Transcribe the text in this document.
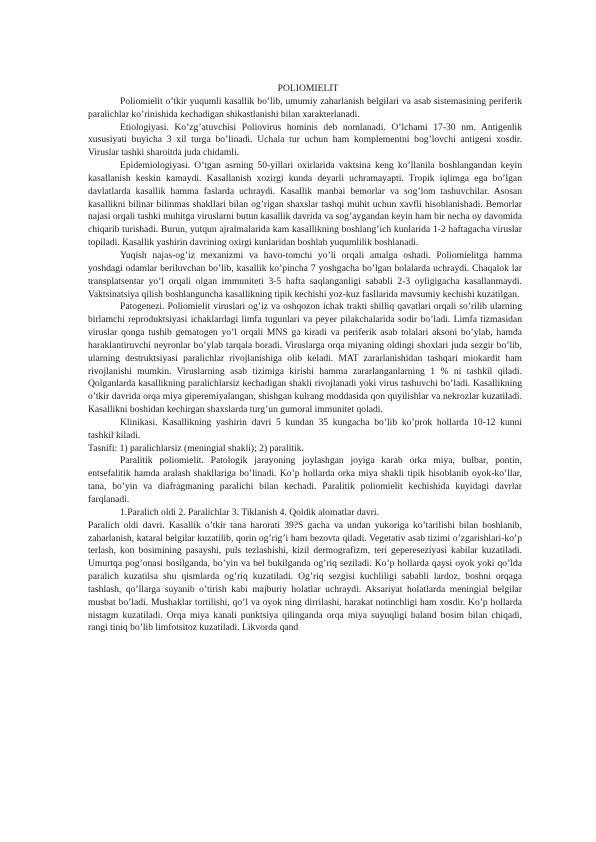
POLIOMIELIT

Poliomielit o’tkir yuqumli kasallik bo’lib, umumiy zaharlanish belgilari va asab sistemasining periferik paralichlar ko’rinishida kechadigan shikastlanishi bilan xarakterlanadi.

Etiologiyasi. Ko’zg’atuvchisi Poliovirus hominis deb nomlanadi. O’lchami 17-30 nm. Antigenlik xususiyati buyicha 3 xil turga bo’linadi. Uchala tur uchun ham komplementni bog’lovchi antigeni xosdir. Viruslar tashki sharoitda juda chidamli.

Epidemiologiyasi. O’tgan asrning 50-yillari oxirlarida vaktsina keng ko’llanila boshlangandan keyin kasallanish keskin kamaydi. Kasallanish xozirgi kunda deyarli uchramayapti. Tropik iqlimga ega bo’lgan davlatlarda kasallik hamma faslarda uchraydi. Kasallik manbai bemorlar va sog’lom tashuvchilar. Asosan kasallikni bilinar bilinmas shakllari bilan og’rigan shaxslar tashqi muhit uchun xavfli hisoblanishadi. Bemorlar najasi orqali tashki muhitga viruslarni butun kasallik davrida va sog’aygandan keyin ham bir necha oy davomida chiqarib turishadi. Burun, yutqun ajralmalarida kam kasallikning boshlang’ich kunlarida 1-2 haftagacha viruslar topiladi. Kasallik yashirin davrining oxirgi kunlaridan boshlab yuqumlilik boshlanadi.

Yuqish najas-og’iz mexanizmi va havo-tomchi yo’li orqali amalga oshadi. Poliomielitga hamma yoshdagi odamlar beriluvchan bo’lib, kasallik ko’pincha 7 yoshgacha bo’lgan bolalarda uchraydi. Chaqalok lar transplatsentar yo’l orqali olgan immuniteti 3-5 hafta saqlanganligi sababli 2-3 oyligigacha kasallanmaydi. Vaktsinatsiya qilish boshlanguncha kasallikning tipik kechishi yoz-kuz fasllarida mavsumiy kechishi kuzatilgan.

Patogenezi. Poliomielit viruslari og’iz va oshqozon ichak trakti shilliq qavatlari orqali so’rilib ularning birlamchi reproduktsiyasi ichaklardagi limfa tugunlari va peyer pilakchalarida sodir bo’ladi. Limfa tizmasidan viruslar qonga tushib gematogen yo’l orqali MNS ga kiradi va periferik asab tolalari aksoni bo’ylab, hamda haraklantiruvchi neyronlar bo’ylab tarqala boradi. Viruslarga orqa miyaning oldingi shoxlari juda sezgir bo’lib, ularning destruktsiyasi paralichlar rivojlanishiga olib keladi. MAT zararlanishidan tashqari miokardit ham rivojlanishi mumkin. Viruslarning asab tizimiga kirishi hamma zararlanganlarning 1 % ni tashkil qiladi. Qolganlarda kasallikning paralichlarsiz kechadigan shakli rivojlanadi yoki virus tashuvchi bo’ladi. Kasallikning o’tkir davrida orqa miya giperemiyalangan, shishgan kulrang moddasida qon quyilishlar va nekrozlar kuzatiladi. Kasallikni boshidan kechirgan shaxslarda turg’un gumoral immunitet qoladi.

Klinikasi. Kasallikning yashirin davri 5 kundan 35 kungacha bo’lib ko’prok hollarda 10-12 kunni tashkil kiladi.

Tasnifi: 1) paralichlarsiz (meningial shakli); 2) paralitik.

Paralitik poliomielit. Patologik jarayoning joylashgan joyiga karab orka miya, bulbar, pontin, entsefalitik hamda aralash shakllariga bo’linadi. Ko’p hollarda orka miya shakli tipik hisoblanib oyok-ko’llar, tana, bo’yin va diafragmaning paralichi bilan kechadi. Paralitik poliomielit kechishida kuyidagi davrlar farqlanadi.

1.Paralich oldi 2. Paralichlar 3. Tiklanish 4. Qoldik alomatlar davri.

Paralich oldi davri. Kasallik o’tkir tana harorati 39?S gacha va undan yukoriga ko’tarilishi bilan boshlanib, zaharlanish, kataral belgilar kuzatilib, qorin og’rig’i ham bezovta qiladi. Vegetativ asab tizimi o’zgarishlari-ko’p terlash, kon bosimining pasayshi, puls tezlashishi, kizil dermografizm, teri gepereseziyasi kabilar kuzatiladi. Umurtqa pog’onasi bosilganda, bo’yin va bel bukilganda og’riq seziladi. Ko’p hollarda qaysi oyok yoki qo’lda paralich kuzatilsa shu qismlarda og’riq kuzatiladi. Og’riq sezgisi kuchliligi sababli lardoz, boshni orqaga tashlash, qo’llarga suyanib o’tirish kabi majburiy holatlar uchraydi. Aksariyat holatlarda meningial belgilar musbat bo’ladi. Mushaklar tortilishi, qo’l va oyok ning dirrilashi, harakat notinchligi ham xosdir. Ko’p hollarda nistagm kuzatiladi. Orqa miya kanali punktsiya qilinganda orqa miya suyuqligi baland bosim bilan chiqadi, rangi tiniq bo’lib limfotsitoz kuzatiladi. Likvorda qand
